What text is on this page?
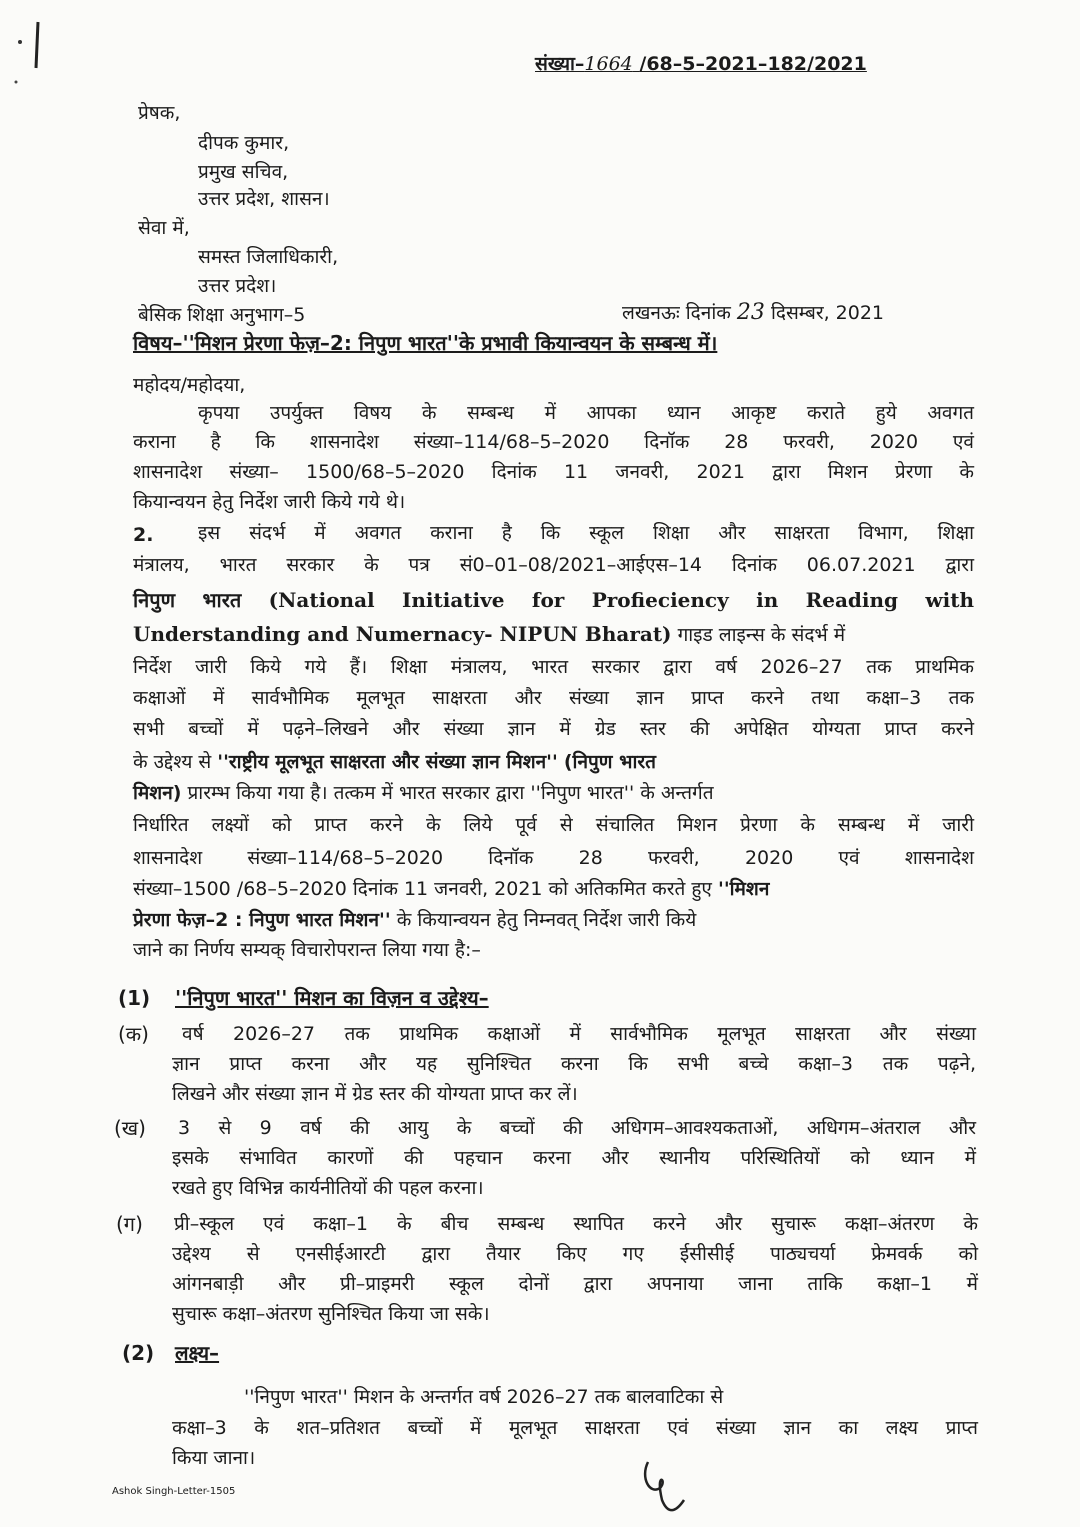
संख्या–1664 /68–5–2021–182/2021
प्रेषक,
दीपक कुमार,
प्रमुख सचिव,
उत्तर प्रदेश, शासन।
सेवा में,
समस्त जिलाधिकारी,
उत्तर प्रदेश।
बेसिक शिक्षा अनुभाग–5	लखनऊः दिनांक 23 दिसम्बर, 2021
विषय–''मिशन प्रेरणा फेज़–2: निपुण भारत''के प्रभावी कियान्वयन के सम्बन्ध में।
महोदय/महोदया,
कृपया उपर्युक्त विषय के सम्बन्ध में आपका ध्यान आकृष्ट कराते हुये अवगत
कराना है कि शासनादेश संख्या–114/68–5–2020 दिनॉक 28 फरवरी, 2020 एवं
शासनादेश संख्या– 1500/68–5–2020 दिनांक 11 जनवरी, 2021 द्वारा मिशन प्रेरणा के
कियान्वयन हेतु निर्देश जारी किये गये थे।
2. इस संदर्भ में अवगत कराना है कि स्कूल शिक्षा और साक्षरता विभाग, शिक्षा
मंत्रालय, भारत सरकार के पत्र सं0–01–08/2021–आईएस–14 दिनांक 06.07.2021 द्वारा
निपुण भारत (National Initiative for Profieciency in Reading with
Understanding and Numernacy- NIPUN Bharat) गाइड लाइन्स के संदर्भ में
निर्देश जारी किये गये हैं। शिक्षा मंत्रालय, भारत सरकार द्वारा वर्ष 2026–27 तक प्राथमिक
कक्षाओं में सार्वभौमिक मूलभूत साक्षरता और संख्या ज्ञान प्राप्त करने तथा कक्षा–3 तक
सभी बच्चों में पढ़ने–लिखने और संख्या ज्ञान में ग्रेड स्तर की अपेक्षित योग्यता प्राप्त करने
के उद्देश्य से ''राष्ट्रीय मूलभूत साक्षरता और संख्या ज्ञान मिशन'' (निपुण भारत
मिशन) प्रारम्भ किया गया है। तत्कम में भारत सरकार द्वारा ''निपुण भारत'' के अन्तर्गत
निर्धारित लक्ष्यों को प्राप्त करने के लिये पूर्व से संचालित मिशन प्रेरणा के सम्बन्ध में जारी
शासनादेश संख्या–114/68–5–2020 दिनॉक 28 फरवरी, 2020 एवं शासनादेश
संख्या–1500 /68–5–2020 दिनांक 11 जनवरी, 2021 को अतिकमित करते हुए ''मिशन
प्रेरणा फेज़–2 : निपुण भारत मिशन'' के कियान्वयन हेतु निम्नवत् निर्देश जारी किये
जाने का निर्णय सम्यक् विचारोपरान्त लिया गया है:–
(1) ''निपुण भारत'' मिशन का विज़न व उद्देश्य–
(क) वर्ष 2026–27 तक प्राथमिक कक्षाओं में सार्वभौमिक मूलभूत साक्षरता और संख्या
ज्ञान प्राप्त करना और यह सुनिश्चित करना कि सभी बच्चे कक्षा–3 तक पढ़ने,
लिखने और संख्या ज्ञान में ग्रेड स्तर की योग्यता प्राप्त कर लें।
(ख) 3 से 9 वर्ष की आयु के बच्चों की अधिगम–आवश्यकताओं, अधिगम–अंतराल और
इसके संभावित कारणों की पहचान करना और स्थानीय परिस्थितियों को ध्यान में
रखते हुए विभिन्न कार्यनीतियों की पहल करना।
(ग) प्री–स्कूल एवं कक्षा–1 के बीच सम्बन्ध स्थापित करने और सुचारू कक्षा–अंतरण के
उद्देश्य से एनसीईआरटी द्वारा तैयार किए गए ईसीसीई पाठ्यचर्या फ्रेमवर्क को
आंगनबाड़ी और प्री–प्राइमरी स्कूल दोनों द्वारा अपनाया जाना ताकि कक्षा–1 में
सुचारू कक्षा–अंतरण सुनिश्चित किया जा सके।
(2) लक्ष्य–
''निपुण भारत'' मिशन के अन्तर्गत वर्ष 2026–27 तक बालवाटिका से
कक्षा–3 के शत–प्रतिशत बच्चों में मूलभूत साक्षरता एवं संख्या ज्ञान का लक्ष्य प्राप्त
किया जाना।
Ashok Singh-Letter-1505
